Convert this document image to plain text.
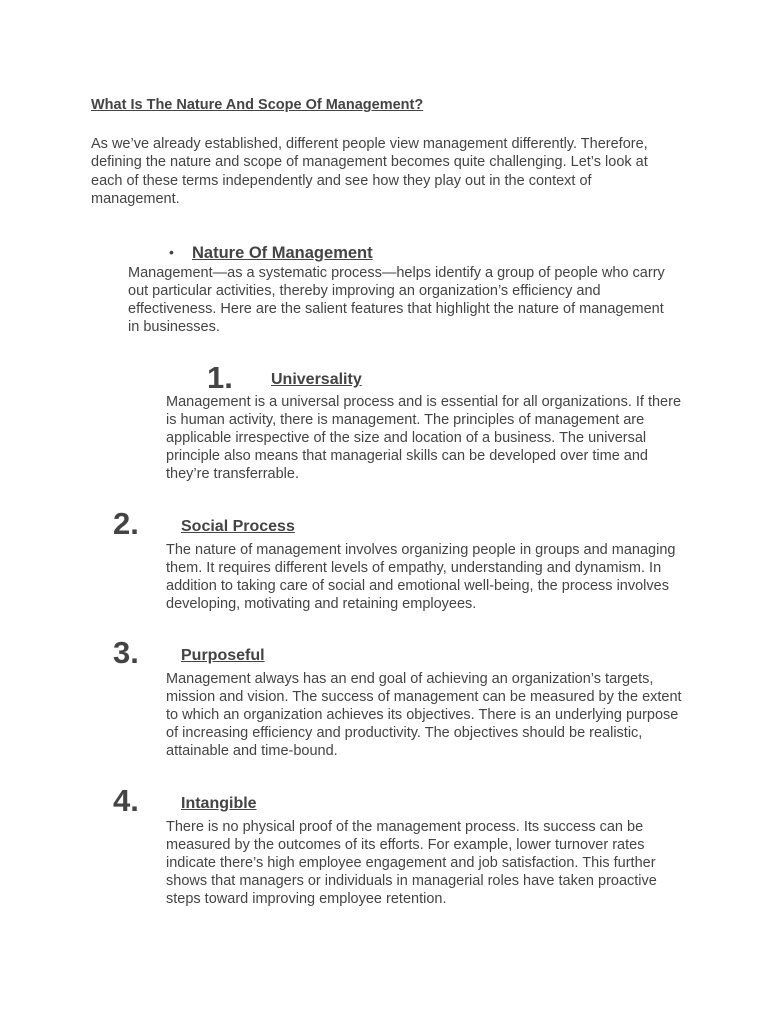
What Is The Nature And Scope Of Management?

As we’ve already established, different people view management differently. Therefore, defining the nature and scope of management becomes quite challenging. Let’s look at each of these terms independently and see how they play out in the context of management.

• Nature Of Management

Management—as a systematic process—helps identify a group of people who carry out particular activities, thereby improving an organization’s efficiency and effectiveness. Here are the salient features that highlight the nature of management in businesses.

1. Universality

Management is a universal process and is essential for all organizations. If there is human activity, there is management. The principles of management are applicable irrespective of the size and location of a business. The universal principle also means that managerial skills can be developed over time and they’re transferrable.

2.	Social Process

The nature of management involves organizing people in groups and managing them. It requires different levels of empathy, understanding and dynamism. In addition to taking care of social and emotional well-being, the process involves developing, motivating and retaining employees.

3.	Purposeful

Management always has an end goal of achieving an organization’s targets, mission and vision. The success of management can be measured by the extent to which an organization achieves its objectives. There is an underlying purpose of increasing efficiency and productivity. The objectives should be realistic, attainable and time-bound.

4.	Intangible

There is no physical proof of the management process. Its success can be measured by the outcomes of its efforts. For example, lower turnover rates indicate there’s high employee engagement and job satisfaction. This further shows that managers or individuals in managerial roles have taken proactive steps toward improving employee retention.
